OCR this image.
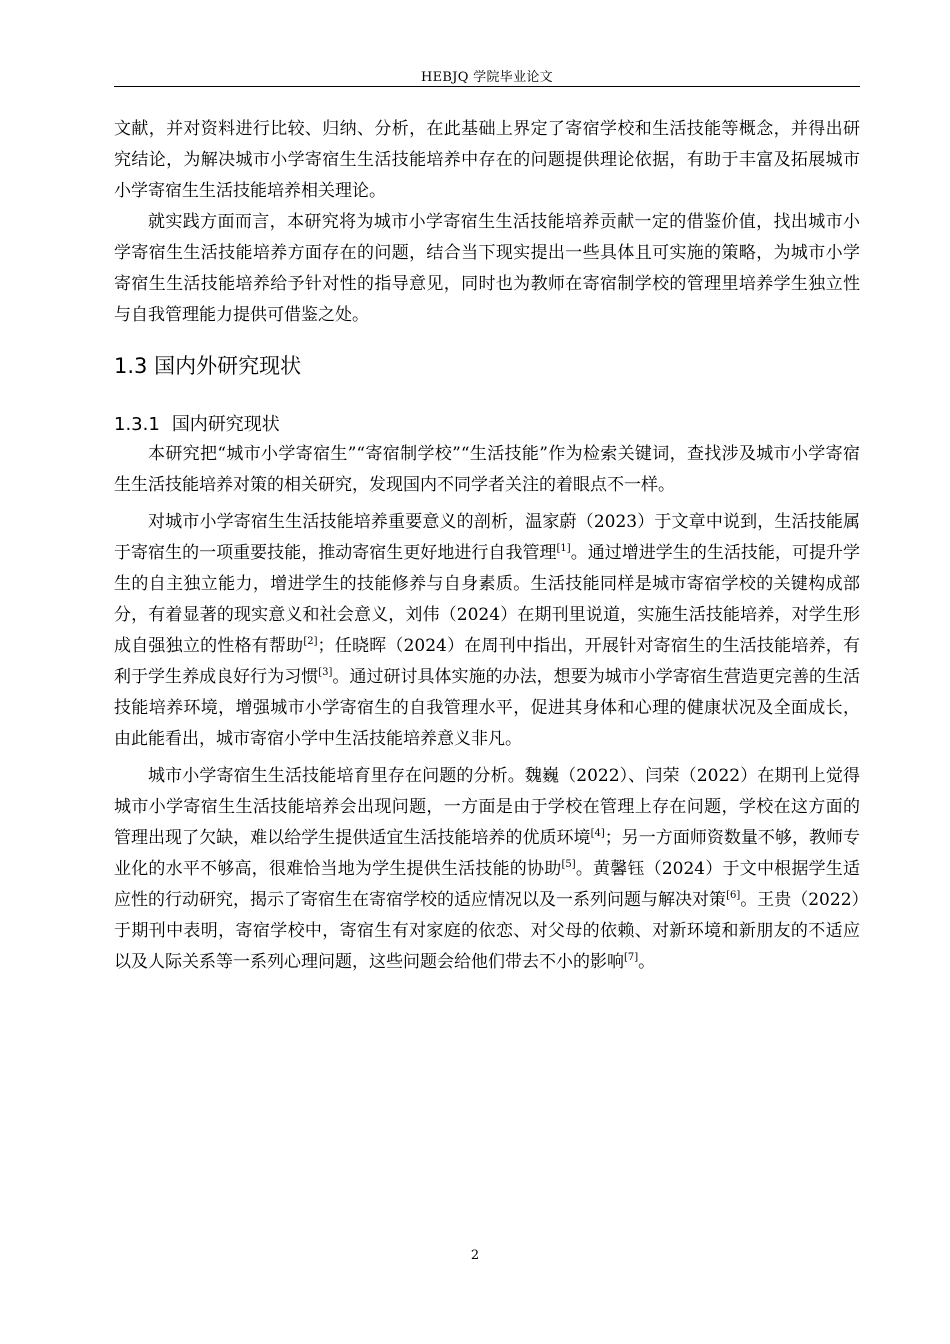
HEBJQ 学院毕业论文

文献，并对资料进行比较、归纳、分析，在此基础上界定了寄宿学校和生活技能等概念，并得出研究结论，为解决城市小学寄宿生生活技能培养中存在的问题提供理论依据，有助于丰富及拓展城市小学寄宿生生活技能培养相关理论。

就实践方面而言，本研究将为城市小学寄宿生生活技能培养贡献一定的借鉴价值，找出城市小学寄宿生生活技能培养方面存在的问题，结合当下现实提出一些具体且可实施的策略，为城市小学寄宿生生活技能培养给予针对性的指导意见，同时也为教师在寄宿制学校的管理里培养学生独立性与自我管理能力提供可借鉴之处。

1.3 国内外研究现状
1.3.1 国内研究现状

本研究把“城市小学寄宿生”“寄宿制学校”“生活技能”作为检索关键词，查找涉及城市小学寄宿生生活技能培养对策的相关研究，发现国内不同学者关注的着眼点不一样。

对城市小学寄宿生生活技能培养重要意义的剖析，温家蔚（2023）于文章中说到，生活技能属于寄宿生的一项重要技能，推动寄宿生更好地进行自我管理[1]。通过增进学生的生活技能，可提升学生的自主独立能力，增进学生的技能修养与自身素质。生活技能同样是城市寄宿学校的关键构成部分，有着显著的现实意义和社会意义，刘伟（2024）在期刊里说道，实施生活技能培养，对学生形成自强独立的性格有帮助[2]；任晓晖（2024）在周刊中指出，开展针对寄宿生的生活技能培养，有利于学生养成良好行为习惯[3]。通过研讨具体实施的办法，想要为城市小学寄宿生营造更完善的生活技能培养环境，增强城市小学寄宿生的自我管理水平，促进其身体和心理的健康状况及全面成长，由此能看出，城市寄宿小学中生活技能培养意义非凡。

城市小学寄宿生生活技能培育里存在问题的分析。魏巍（2022）、闫荣（2022）在期刊上觉得城市小学寄宿生生活技能培养会出现问题，一方面是由于学校在管理上存在问题，学校在这方面的管理出现了欠缺，难以给学生提供适宜生活技能培养的优质环境[4]；另一方面师资数量不够，教师专业化的水平不够高，很难恰当地为学生提供生活技能的协助[5]。黄馨钰（2024）于文中根据学生适应性的行动研究，揭示了寄宿生在寄宿学校的适应情况以及一系列问题与解决对策[6]。王贵（2022）于期刊中表明，寄宿学校中，寄宿生有对家庭的依恋、对父母的依赖、对新环境和新朋友的不适应以及人际关系等一系列心理问题，这些问题会给他们带去不小的影响[7]。

2
